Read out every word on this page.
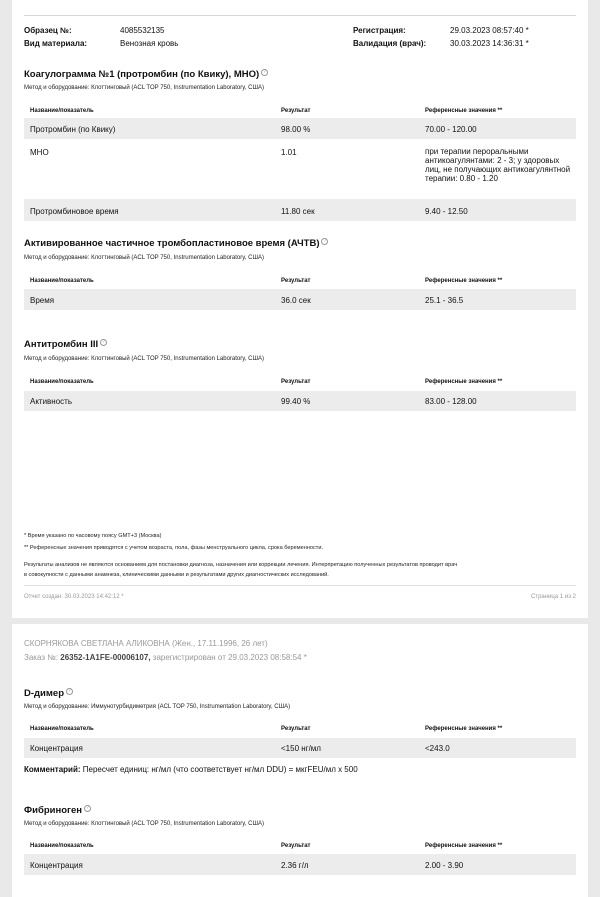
Образец №:	4085532135
Вид материала:	Венозная кровь
Регистрация:	29.03.2023 08:57:40 *
Валидация (врач):	30.03.2023 14:36:31 *
Коагулограмма №1 (протромбин (по Квику), МНО) ?
Метод и оборудование: Клоттинговый (ACL TOP 750, Instrumentation Laboratory, США)
Название/показатель	Результат	Референсные значения **
Протромбин (по Квику)	98.00 %	70.00 - 120.00
МНО	1.01	при терапии пероральными антикоагулянтами: 2 - 3; у здоровых лиц, не получающих антикоагулянтной терапии: 0.80 - 1.20
Протромбиновое время	11.80 сек	9.40 - 12.50
Активированное частичное тромбопластиновое время (АЧТВ) ?
Метод и оборудование: Клоттинговый (ACL TOP 750, Instrumentation Laboratory, США)
Название/показатель	Результат	Референсные значения **
Время	36.0 сек	25.1 - 36.5
Антитромбин III ?
Метод и оборудование: Клоттинговый (ACL TOP 750, Instrumentation Laboratory, США)
Название/показатель	Результат	Референсные значения **
Активность	99.40 %	83.00 - 128.00
* Время указано по часовому поясу GMT+3 (Москва)
** Референсные значения приводятся с учетом возраста, пола, фазы менструального цикла, срока беременности.
Результаты анализов не являются основанием для постановки диагноза, назначения или коррекции лечения. Интерпретацию полученных результатов проводит врач
в совокупности с данными анамнеза, клиническими данными и результатами других диагностических исследований.
Отчет создан: 30.03.2023 14:42:12 *	Страница 1 из 2
СКОРНЯКОВА СВЕТЛАНА АЛИКОВНА (Жен., 17.11.1996, 26 лет)
Заказ №: 26352-1A1FE-00006107, зарегистрирован от 29.03.2023 08:58:54 *
D-димер ?
Метод и оборудование: Иммунотурбидиметрия (ACL TOP 750, Instrumentation Laboratory, США)
Название/показатель	Результат	Референсные значения **
Концентрация	<150 нг/мл	<243.0
Комментарий: Пересчет единиц: нг/мл (что соответствует нг/мл DDU) = мкгFEU/мл x 500
Фибриноген ?
Метод и оборудование: Клоттинговый (ACL TOP 750, Instrumentation Laboratory, США)
Название/показатель	Результат	Референсные значения **
Концентрация	2.36 г/л	2.00 - 3.90
